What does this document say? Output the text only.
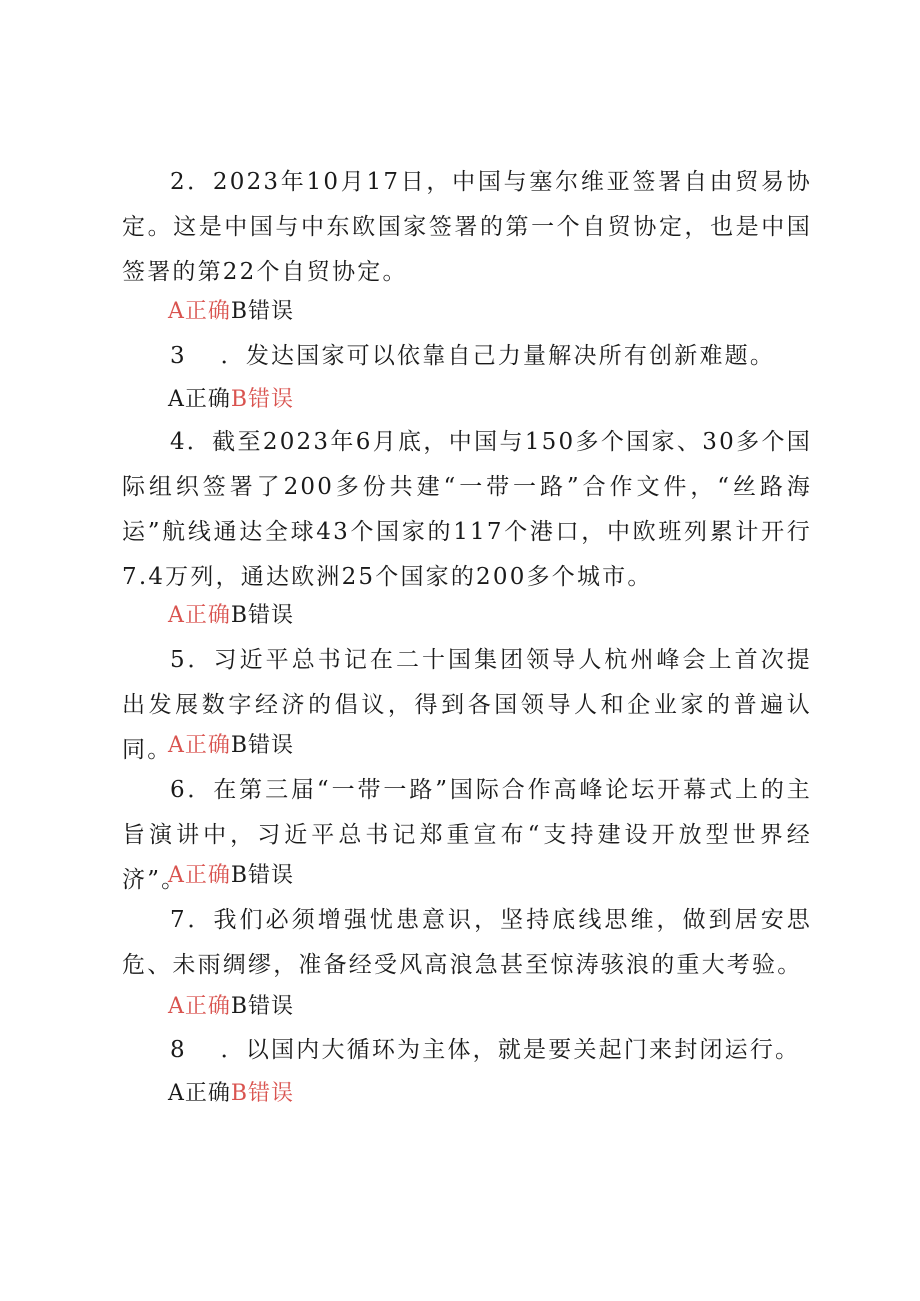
2．2023年10月17日，中国与塞尔维亚签署自由贸易协定。这是中国与中东欧国家签署的第一个自贸协定，也是中国签署的第22个自贸协定。

A正确B错误

3 ．发达国家可以依靠自己力量解决所有创新难题。

A正确B错误

4．截至2023年6月底，中国与150多个国家、30多个国际组织签署了200多份共建“一带一路”合作文件，“丝路海运”航线通达全球43个国家的117个港口，中欧班列累计开行7.4万列，通达欧洲25个国家的200多个城市。

A正确B错误

5．习近平总书记在二十国集团领导人杭州峰会上首次提出发展数字经济的倡议，得到各国领导人和企业家的普遍认同。

A正确B错误

6．在第三届“一带一路”国际合作高峰论坛开幕式上的主旨演讲中，习近平总书记郑重宣布“支持建设开放型世界经济”。

A正确B错误

7．我们必须增强忧患意识，坚持底线思维，做到居安思危、未雨绸缪，准备经受风高浪急甚至惊涛骇浪的重大考验。

A正确B错误

8 ．以国内大循环为主体，就是要关起门来封闭运行。

A正确B错误
